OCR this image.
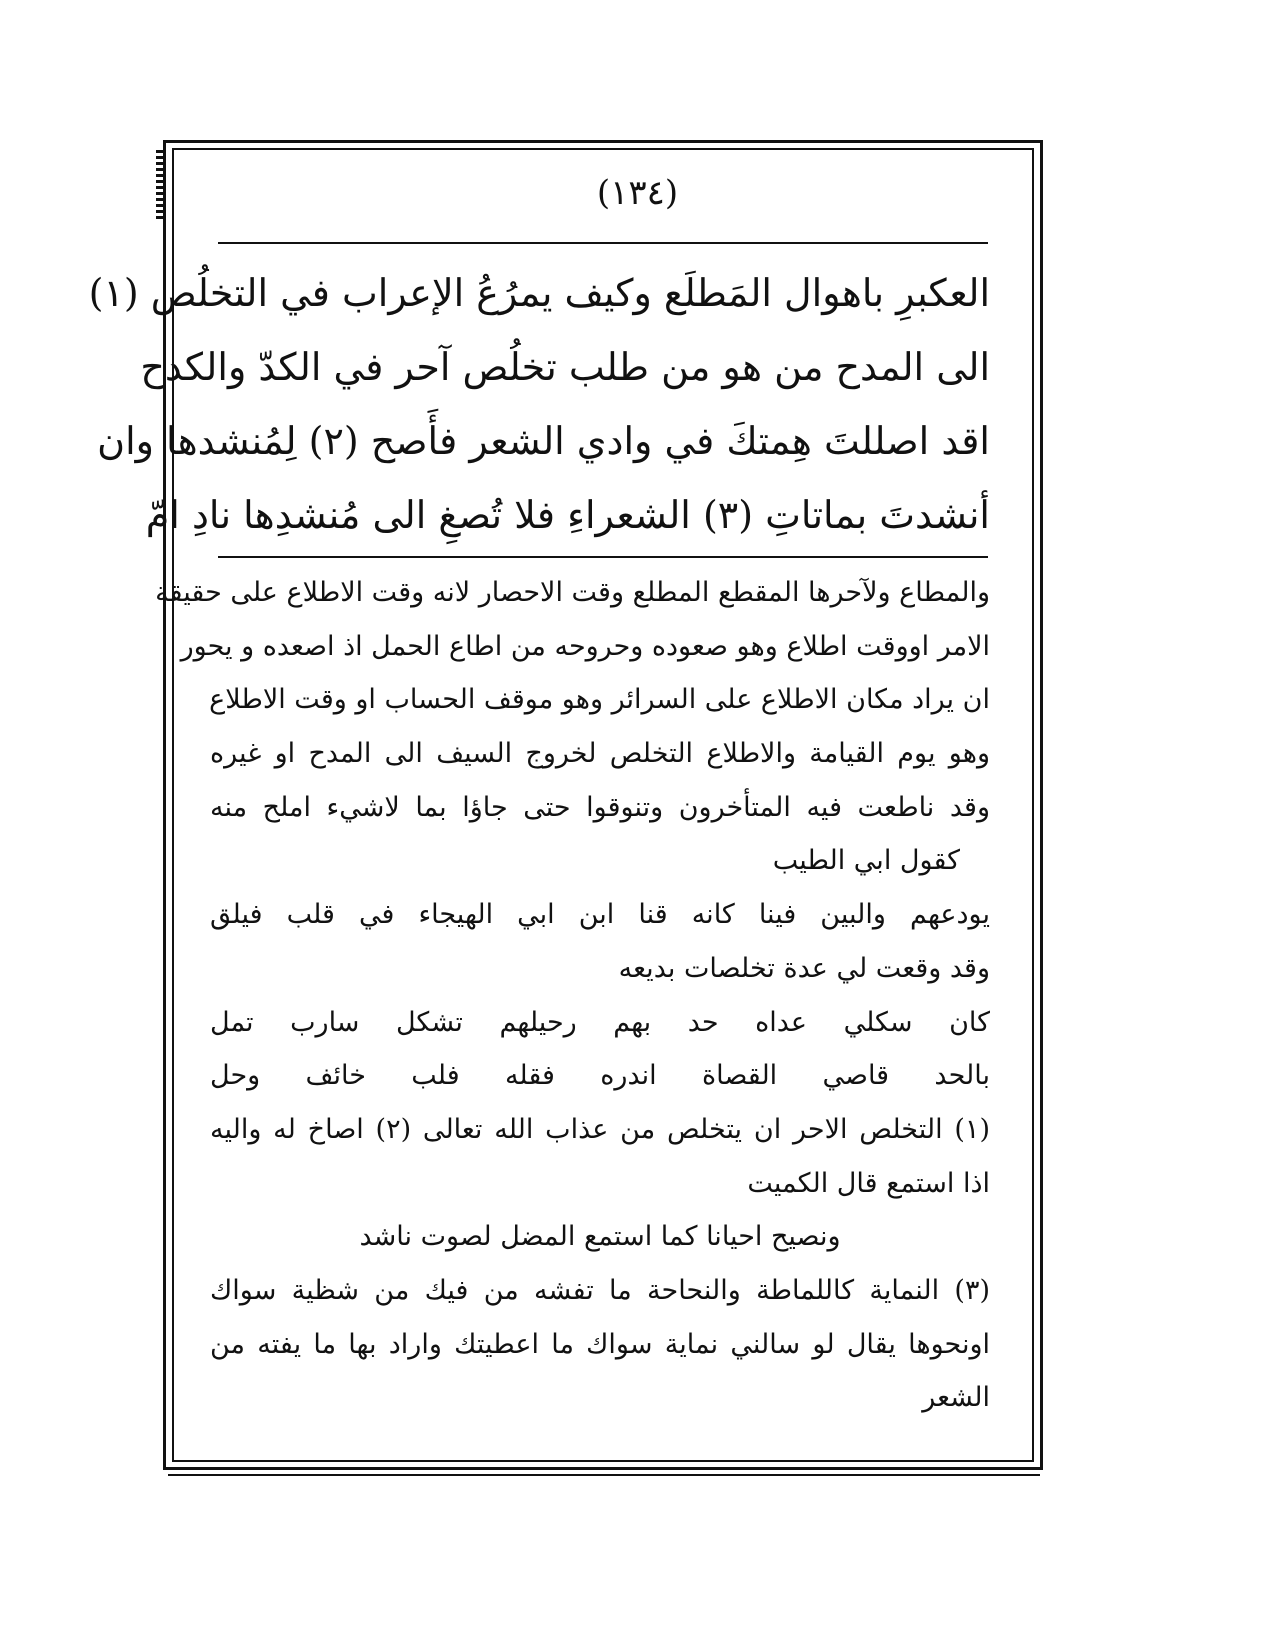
(١٣٤)
العكبرِ باهوال المَطلَع وكيف يمرُعُ الإعراب في التخلُص (١)
الى المدح من هو من طلب تخلُص آحر في الكدّ والكدح
اقد اصللتَ هِمتكَ في وادي الشعر فأَصح (٢) لِمُنشدها وان
أنشدتَ بماتاتِ (٣) الشعراءِ فلا تُصغِ الى مُنشدِها نادِ امّ
والمطاع ولآحرها المقطع المطلع وقت الاحصار لانه وقت الاطلاع على حقيقة
الامر اووقت اطلاع وهو صعوده وحروحه من اطاع الحمل اذ اصعده و يحور
ان يراد مكان الاطلاع على السرائر وهو موقف الحساب او وقت الاطلاع
وهو يوم القيامة والاطلاع التخلص لخروج السيف الى المدح او غيره
وقد ناطعت فيه المتأخرون وتنوقوا حتى جاؤا بما لاشيء املح منه
كقول ابي الطيب
يودعهم والبين فينا كانه قنا ابن ابي الهيجاء في قلب فيلق
وقد وقعت لي عدة تخلصات بديعه
كان سكلي عداه حد بهم رحيلهم تشكل سارب تمل
بالحد قاصي القصاة اندره فقله فلب خائف وحل
(١) التخلص الاحر ان يتخلص من عذاب الله تعالى (٢) اصاخ له واليه
اذا استمع قال الكميت
ونصيح احيانا كما استمع المضل لصوت ناشد
(٣) النماية كاللماطة والنحاحة ما تفشه من فيك من شظية سواك
اونحوها يقال لو سالني نماية سواك ما اعطيتك واراد بها ما يفته من
الشعر
